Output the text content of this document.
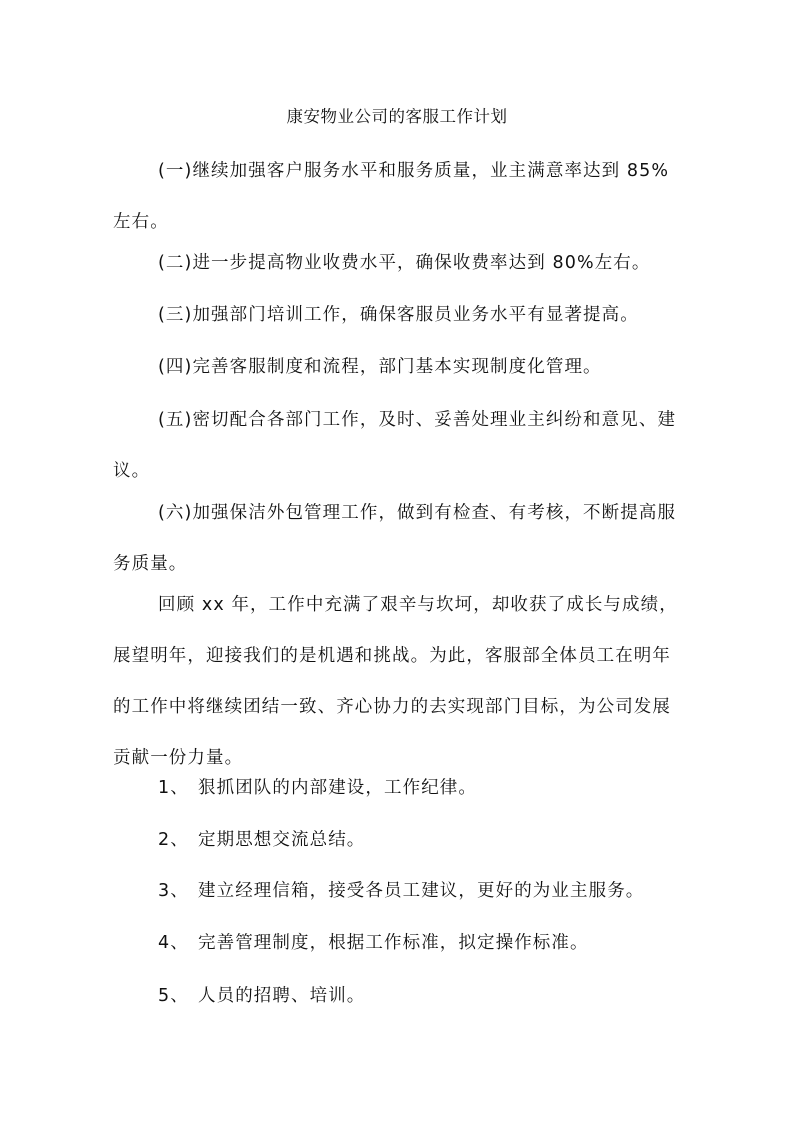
康安物业公司的客服工作计划

(一)继续加强客户服务水平和服务质量，业主满意率达到 85%左右。

(二)进一步提高物业收费水平，确保收费率达到 80%左右。

(三)加强部门培训工作，确保客服员业务水平有显著提高。

(四)完善客服制度和流程，部门基本实现制度化管理。

(五)密切配合各部门工作，及时、妥善处理业主纠纷和意见、建议。

(六)加强保洁外包管理工作，做到有检查、有考核，不断提高服务质量。

回顾 xx 年，工作中充满了艰辛与坎坷，却收获了成长与成绩，展望明年，迎接我们的是机遇和挑战。为此，客服部全体员工在明年的工作中将继续团结一致、齐心协力的去实现部门目标，为公司发展贡献一份力量。

1、 狠抓团队的内部建设，工作纪律。
2、 定期思想交流总结。
3、 建立经理信箱，接受各员工建议，更好的为业主服务。
4、 完善管理制度，根据工作标准，拟定操作标准。
5、 人员的招聘、培训。
